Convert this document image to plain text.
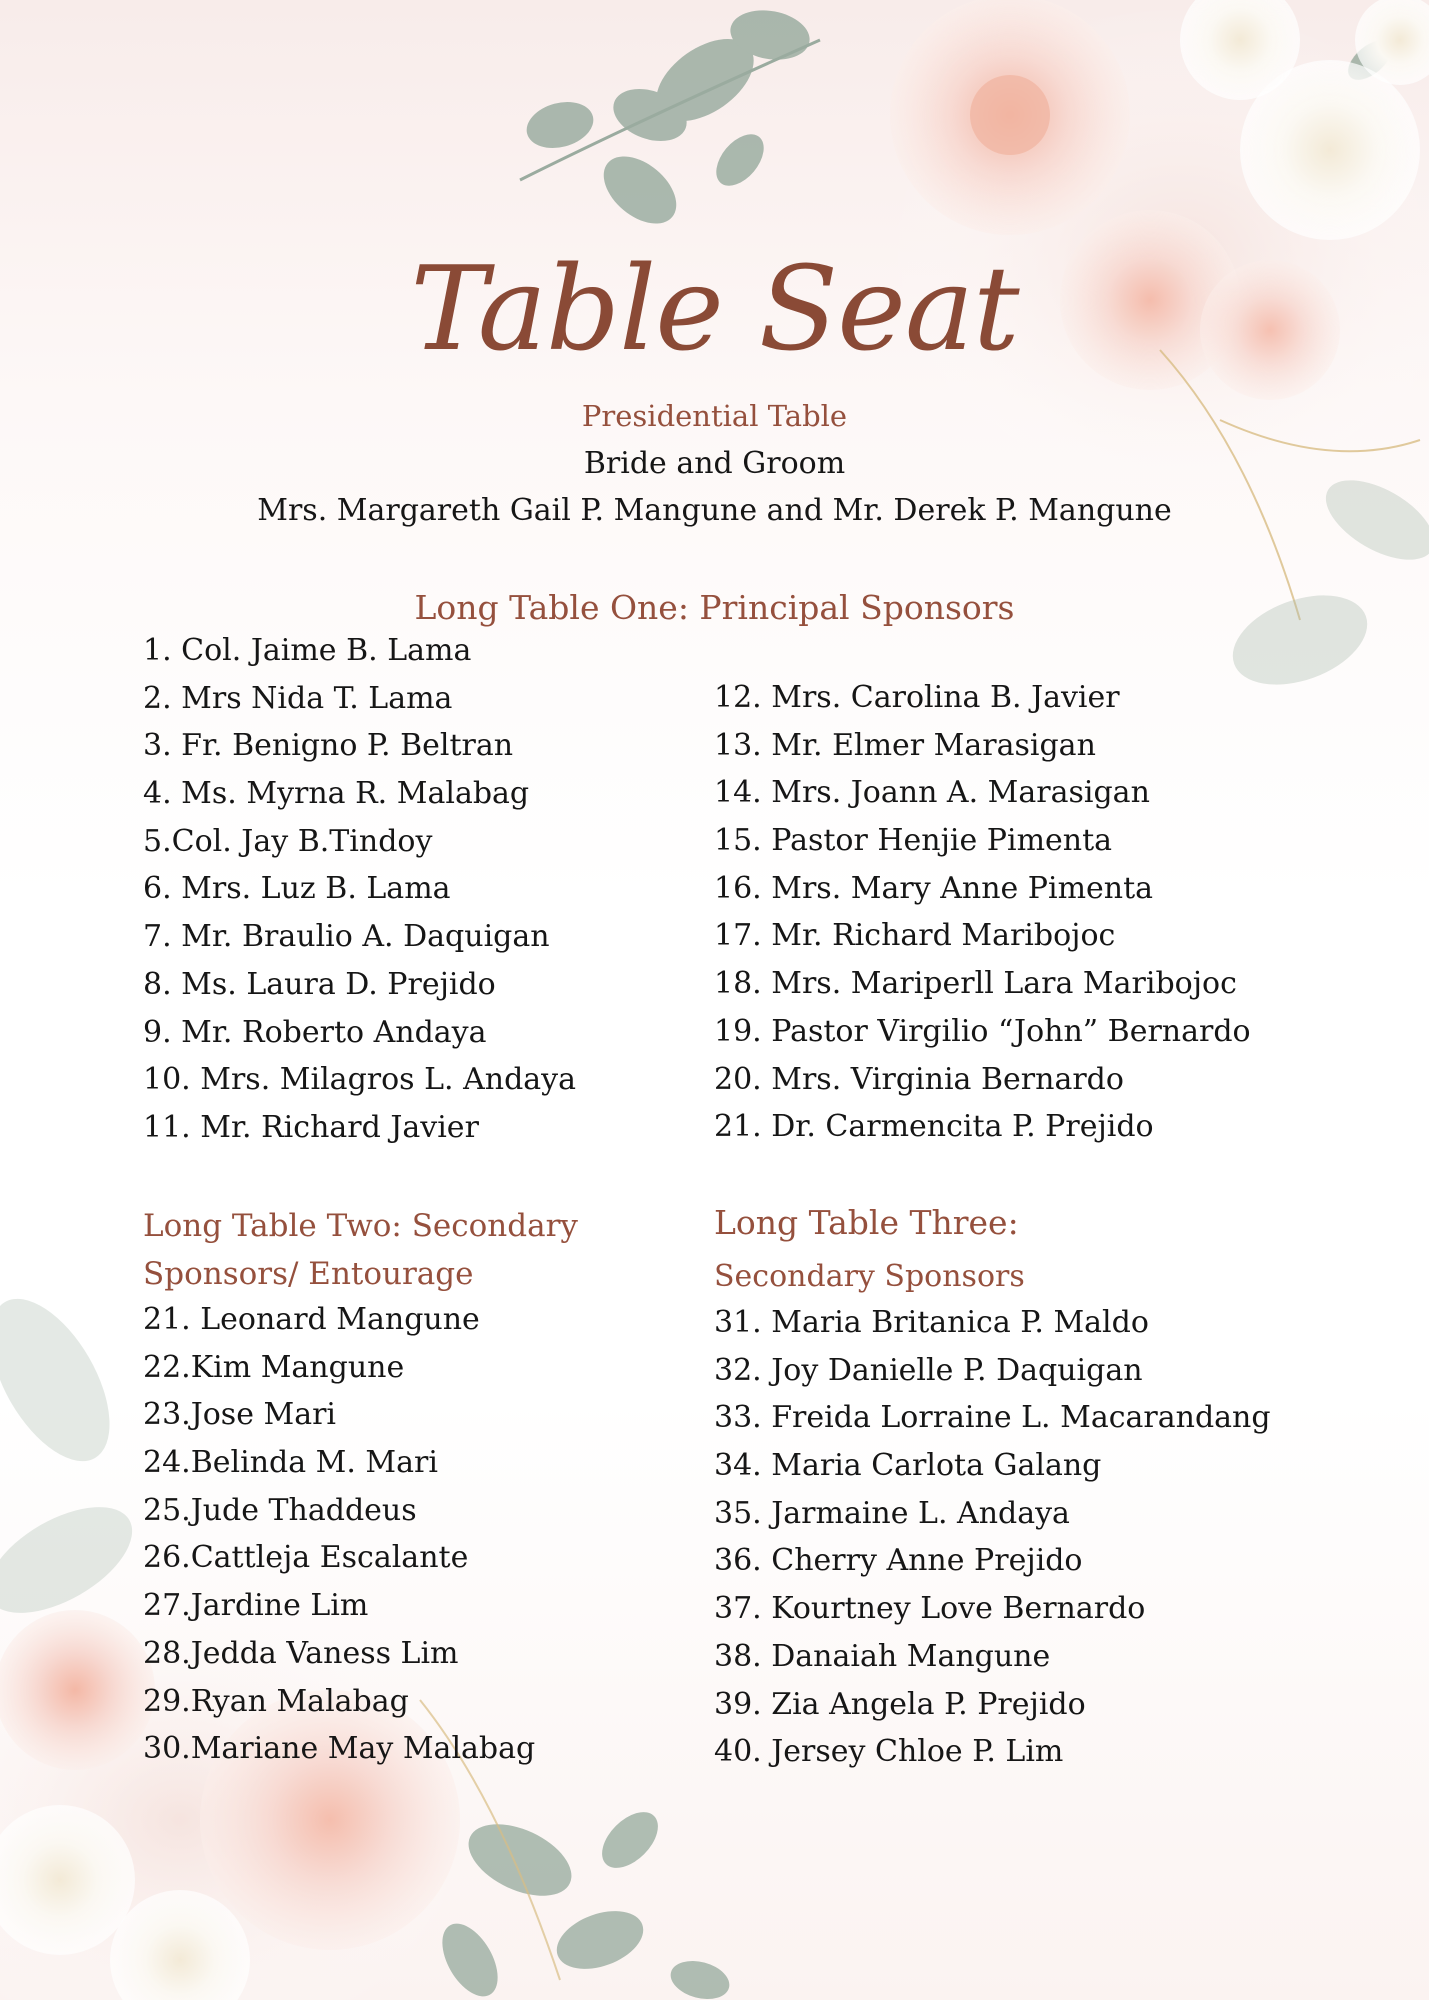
Table Seat
Presidential Table
Bride and Groom
Mrs. Margareth Gail P. Mangune and Mr. Derek P. Mangune
Long Table One: Principal Sponsors
1. Col. Jaime B. Lama
2. Mrs Nida T. Lama
3. Fr. Benigno P. Beltran
4. Ms. Myrna R. Malabag
5.Col. Jay B.Tindoy
6. Mrs. Luz B. Lama
7. Mr. Braulio A. Daquigan
8. Ms. Laura D. Prejido
9. Mr. Roberto Andaya
10. Mrs. Milagros L. Andaya
11. Mr. Richard Javier
12. Mrs. Carolina B. Javier
13. Mr. Elmer Marasigan
14. Mrs. Joann A. Marasigan
15. Pastor Henjie Pimenta
16. Mrs. Mary Anne Pimenta
17. Mr. Richard Maribojoc
18. Mrs. Mariperll Lara Maribojoc
19. Pastor Virgilio “John” Bernardo
20. Mrs. Virginia Bernardo
21. Dr. Carmencita P. Prejido
Long Table Two: Secondary
Sponsors/ Entourage
Long Table Three:
Secondary Sponsors
21. Leonard Mangune
22.Kim Mangune
23.Jose Mari
24.Belinda M. Mari
25.Jude Thaddeus
26.Cattleja Escalante
27.Jardine Lim
28.Jedda Vaness Lim
29.Ryan Malabag
30.Mariane May Malabag
31. Maria Britanica P. Maldo
32. Joy Danielle P. Daquigan
33. Freida Lorraine L. Macarandang
34. Maria Carlota Galang
35. Jarmaine L. Andaya
36. Cherry Anne Prejido
37. Kourtney Love Bernardo
38. Danaiah Mangune
39. Zia Angela P. Prejido
40. Jersey Chloe P. Lim
